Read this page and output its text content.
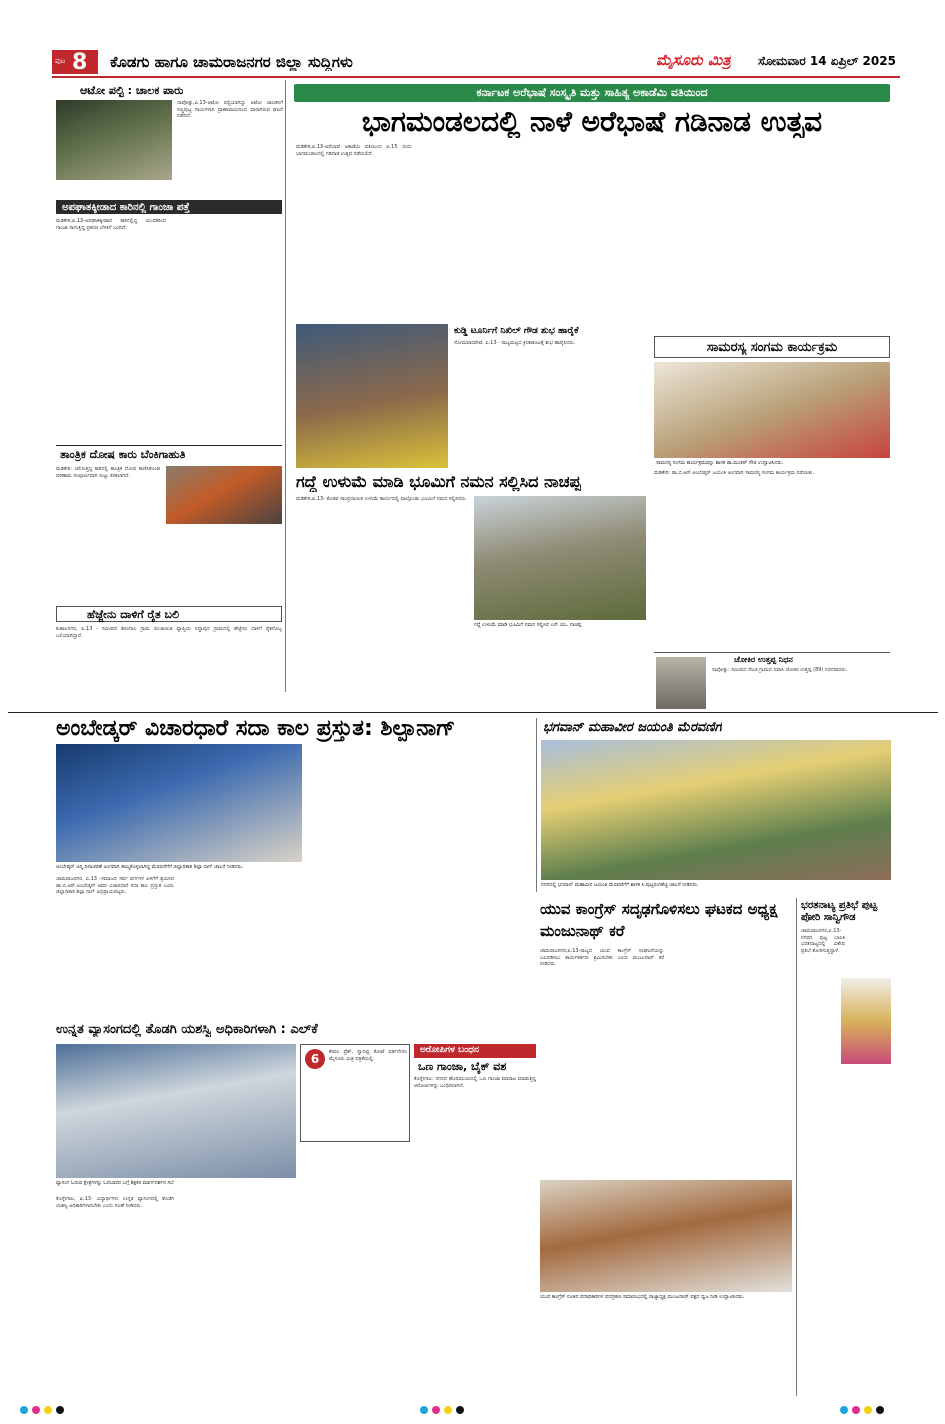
ಪುಟ 8 ಕೊಡಗು ಹಾಗೂ ಚಾಮರಾಜನಗರ ಜಿಲ್ಲಾ ಸುದ್ದಿಗಳು	ಮೈಸೂರು ಮಿತ್ರ ಸೋಮವಾರ 14 ಏಪ್ರಿಲ್ 2025
ಆಟೋ ಪಲ್ಟಿ : ಚಾಲಕ ಪಾರು
ನಾಪೋಕ್ಲು,ಏ.13-ಆಟೋ ಪಲ್ಟಿಯಾಗಿದ್ದು ಆಟೋ ಚಾಲಕನಿಗೆ ಸಣ್ಣಪುಟ್ಟ ಗಾಯಗಳಾಗಿ ಪ್ರಾಣಾಪಾಯದಿಂದ ಪಾರಾಗಿರುವ ಘಟನೆ ನಡೆದಿದೆ.
ಅಪಘಾತಕ್ಕೀಡಾದ ಕಾರಿನಲ್ಲಿ ಗಾಂಜಾ ಪತ್ತೆ
ಮಡಿಕೇರಿ,ಏ.13-ಅಪಘಾತಕ್ಕೀಡಾದ ಕಾರಿನಲ್ಲಿದ್ದ ಯುವಕರಿಂದ ಗಾಂಜಾ ಸಾಗುತ್ತಿದ್ದ ಪ್ರಕರಣ ಬೆಳಕಿಗೆ ಬಂದಿದೆ.
ತಾಂತ್ರಿಕ ದೋಷ ಕಾರು ಬೆಂಕಿಗಾಹುತಿ
ಮಡಿಕೇರಿ: ಚಲಿಸುತ್ತಿದ್ದ ಕಾರಿನಲ್ಲಿ ತಾಂತ್ರಿಕ ದೋಷ ಕಾಣಿಸಿಕೊಂಡ ಪರಿಣಾಮ ಸಂಪೂರ್ಣವಾಗಿ ಸುಟ್ಟು ಕರಕಲಾಗಿದೆ.
ಹೆಜ್ಜೇನು ದಾಳಿಗೆ ರೈತ ಬಲಿ
ಕುಶಾಲನಗರ, ಏ.13 - ಸಮೀಪದ ಶಿರಂಗಾಲ ಗ್ರಾಮ ಪಂಚಾಯಿತಿ ವ್ಯಾಪ್ತಿಯ ಸಿದ್ದಾಪುರ ಗ್ರಾಮದಲ್ಲಿ ಹೆಜ್ಜೇನು ದಾಳಿಗೆ ರೈತನೊಬ್ಬ ಬಲಿಯಾಗಿದ್ದಾನೆ.
ಕರ್ನಾಟಕ ಅರೆಭಾಷೆ ಸಂಸ್ಕೃತಿ ಮತ್ತು ಸಾಹಿತ್ಯ ಅಕಾಡೆಮಿ ವತಿಯಿಂದ
ಭಾಗಮಂಡಲದಲ್ಲಿ ನಾಳೆ ಅರೆಭಾಷೆ ಗಡಿನಾಡ ಉತ್ಸವ
ಮಡಿಕೇರಿ,ಏ.13-ಅರೆಭಾಷೆ ಅಕಾಡೆಮಿ ವತಿಯಿಂದ ಏ.15 ರಂದು ಭಾಗಮಂಡಲದಲ್ಲಿ ಗಡಿನಾಡ ಉತ್ಸವ ನಡೆಯಲಿದೆ.
ಕುಡ್ಡಿ ಟೂರ್ನಿಗೆ ನಿಖಿಲ್ ಗೌಡ ಶುಭ ಹಾರೈಕೆ
ಸೋಮವಾರಪೇಟೆ, ಏ.13 - ರಾಜ್ಯಮಟ್ಟದ ಕ್ರೀಡಾಕೂಟಕ್ಕೆ ಶುಭ ಹಾರೈಸಿದರು.	ಸಾಮರಸ್ಯ ಸಂಗಮ ಕಾರ್ಯಕ್ರಮ
ಸಾಮರಸ್ಯ ಸಂಗಮ ಕಾರ್ಯಕ್ರಮವನ್ನು ಶಾಸಕ ಡಾ.ಮಂತರ್ ಗೌಡ ಉದ್ಘಾಟಿಸಿದರು.
ಮಡಿಕೇರಿ: ಡಾ.ಬಿ.ಆರ್.ಅಂಬೇಡ್ಕರ್ ಜಯಂತಿ ಅಂಗವಾಗಿ ಸಾಮರಸ್ಯ ಸಂಗಮ ಕಾರ್ಯಕ್ರಮ ನಡೆಯಿತು.
ಗದ್ದೆ ಉಳುಮೆ ಮಾಡಿ ಭೂಮಿಗೆ ನಮನ ಸಲ್ಲಿಸಿದ ನಾಚಪ್ಪ
ಮಡಿಕೇರಿ,ಏ.13- ಕೊಡವ ಸಾಂಪ್ರದಾಯಿಕ ಉಳುಮೆ ಕಾರ್ಯದಲ್ಲಿ ಪಾಲ್ಗೊಂಡು ಭೂಮಿಗೆ ನಮನ ಸಲ್ಲಿಸಿದರು.
ಗದ್ದೆ ಉಳುಮೆ ಮಾಡಿ ಭೂಮಿಗೆ ನಮನ ಸಲ್ಲಿಸಿದ ಎನ್.ಯು. ನಾಚಪ್ಪ
ಚೋಕಿರ ಉತ್ತಪ್ಪ ನಿಧನ
ನಾಪೋಕ್ಲು: ಸಮೀಪದ ನೆಲಜಿ ಗ್ರಾಮದ ನಿವಾಸಿ ಚೋಕಿರ ಉತ್ತಪ್ಪ (89) ನಿಧನರಾದರು.
ಅಂಬೇಡ್ಕರ್ ವಿಚಾರಧಾರೆ ಸದಾ ಕಾಲ ಪ್ರಸ್ತುತ: ಶಿಲ್ಪಾನಾಗ್
ಅಂಬೇಡ್ಕರ್ ಜನ್ಮ ದಿನಾಚರಣೆ ಅಂಗವಾಗಿ ಹಮ್ಮಿಕೊಳ್ಳಲಾಗಿದ್ದ ಮೆರವಣಿಗೆಗೆ ಜಿಲ್ಲಾಧಿಕಾರಿ ಶಿಲ್ಪಾ ನಾಗ್ ಚಾಲನೆ ನೀಡಿದರು.
ಚಾಮರಾಜನಗರ, ಏ.13 -ಸಮಾಜದ ಸರ್ವ ವರ್ಗಗಳ ಏಳಿಗೆಗೆ ಶ್ರಮಿಸಿದ ಡಾ.ಬಿ.ಆರ್.ಅಂಬೇಡ್ಕರ್ ಅವರ ವಿಚಾರಧಾರೆ ಸದಾ ಕಾಲ ಪ್ರಸ್ತುತ ಎಂದು ಜಿಲ್ಲಾಧಿಕಾರಿ ಶಿಲ್ಪಾ ನಾಗ್ ಅಭಿಪ್ರಾಯಪಟ್ಟರು.
ಭಗವಾನ್ ಮಹಾವೀರ ಜಯಂತಿ ಮೆರವಣಿಗೆ
ನಗರದಲ್ಲಿ ಭಗವಾನ್ ಮಹಾವೀರ ಜಯಂತಿ ಮೆರವಣಿಗೆಗೆ ಶಾಸಕ ಸಿ.ಪುಟ್ಟರಂಗಶೆಟ್ಟಿ ಚಾಲನೆ ನೀಡಿದರು.
ಯುವ ಕಾಂಗ್ರೆಸ್ ಸದೃಢಗೊಳಿಸಲು ಘಟಕದ ಅಧ್ಯಕ್ಷ ಮಂಜುನಾಥ್ ಕರೆ
ಚಾಮರಾಜನಗರ,ಏ.13-ರಾಜ್ಯದ ಯುವ ಕಾಂಗ್ರೆಸ್ ಸಂಘಟನೆಯನ್ನು ಬಲಪಡಿಸಲು ಕಾರ್ಯಕರ್ತರು ಶ್ರಮಿಸಬೇಕು ಎಂದು ಮಂಜುನಾಥ್ ಕರೆ ನೀಡಿದರು.
ಯುವ ಕಾಂಗ್ರೆಸ್ ನೂತನ ಪದಾಧಿಕಾರಿಗಳ ಪದಗ್ರಹಣ ಸಮಾರಂಭದಲ್ಲಿ ರಾಜ್ಯಾಧ್ಯಕ್ಷ ಮಂಜುನಾಥ್ ಪಕ್ಷದ ಧ್ವಜ ನೀಡಿ ಉದ್ಘಾಟಿಸಿದರು.
ಭರತನಾಟ್ಯ ಪ್ರತಿಭೆ ಪುಟ್ಟ ಪೋರಿ ಸಾನ್ವಿಗೌಡ
ಚಾಮರಾಜನಗರ,ಏ.13-ನಗರದ ಪುಟ್ಟ ಬಾಲಕಿ ಭರತನಾಟ್ಯದಲ್ಲಿ ವಿಶೇಷ ಪ್ರತಿಭೆ ತೋರಿಸುತ್ತಿದ್ದಾಳೆ.
ಉನ್ನತ ವ್ಯಾಸಂಗದಲ್ಲಿ ತೊಡಗಿ ಯಶಸ್ವಿ ಅಧಿಕಾರಿಗಳಾಗಿ : ಎಲ್‌ಕೆ
ವ್ಯಾಸಂಗ ಓದುವ ಕ್ಷೇತ್ರಗಳನ್ನು ಓದಬಾರದ ಬಗ್ಗೆ ಶಿಕ್ಷಕರ ಮಾರ್ಗದರ್ಶನ ಸಭೆ
ಕೊಳ್ಳೇಗಾಲ, ಏ.13- ವಿದ್ಯಾರ್ಥಿಗಳು ಉನ್ನತ ವ್ಯಾಸಂಗದಲ್ಲಿ ತೊಡಗಿ ಯಶಸ್ವಿ ಅಧಿಕಾರಿಗಳಾಗಬೇಕು ಎಂದು ಸಲಹೆ ನೀಡಿದರು.
6	ಕೇವಲ ಫ್ರೆಶ್, ಸ್ವಾದಿಷ್ಟ ಕೋಟೆ ವರ್ತನೆಗಳು ಮೈಸೂರು ಮಿತ್ರ ಪತ್ರಿಕೆಯಲ್ಲಿ.
ಅರೋಪಿಗಳ ಬಂಧನ
ಒಣ ಗಾಂಜಾ, ಬೈಕ್ ವಶ
ಕೊಳ್ಳೇಗಾಲ: ನಗರದ ಹೊರವಲಯದಲ್ಲಿ ಒಣ ಗಾಂಜಾ ಮಾರಾಟ ಮಾಡುತ್ತಿದ್ದ ಆರೋಪಿಗಳನ್ನು ಬಂಧಿಸಲಾಗಿದೆ.
